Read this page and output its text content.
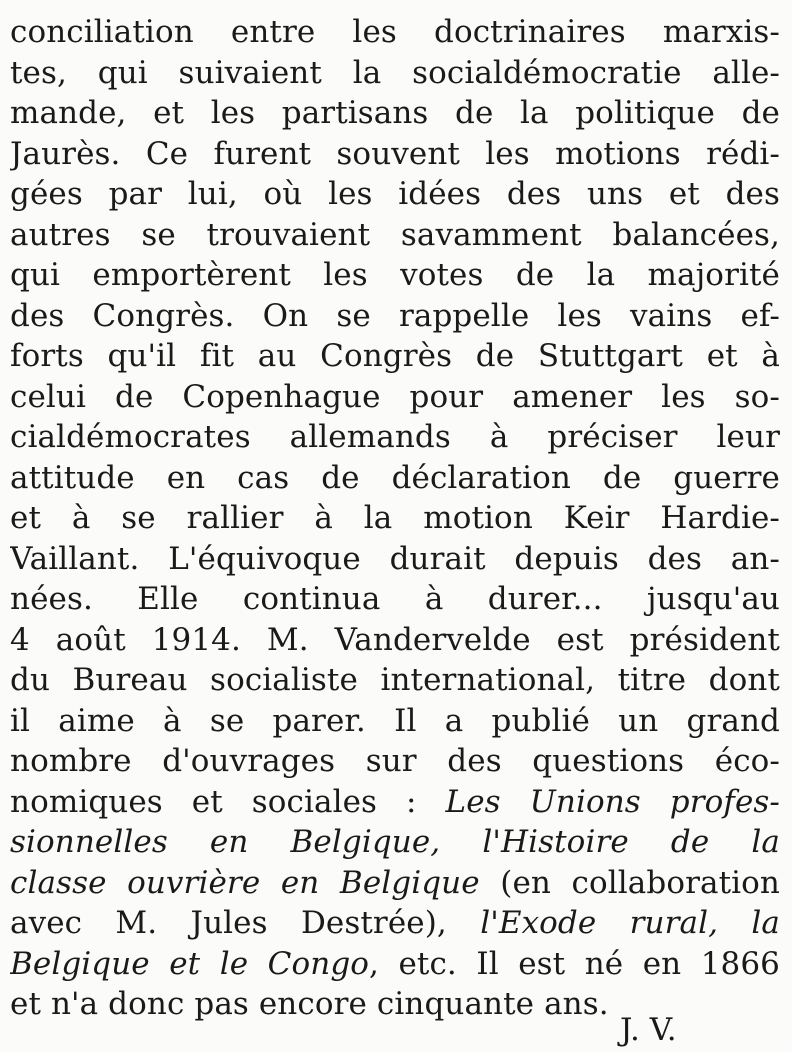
conciliation entre les doctrinaires marxis-
tes, qui suivaient la socialdémocratie alle-
mande, et les partisans de la politique de
Jaurès. Ce furent souvent les motions rédi-
gées par lui, où les idées des uns et des
autres se trouvaient savamment balancées,
qui emportèrent les votes de la majorité
des Congrès. On se rappelle les vains ef-
forts qu'il fit au Congrès de Stuttgart et à
celui de Copenhague pour amener les so-
cialdémocrates allemands à préciser leur
attitude en cas de déclaration de guerre
et à se rallier à la motion Keir Hardie-
Vaillant. L'équivoque durait depuis des an-
nées. Elle continua à durer... jusqu'au
4 août 1914. M. Vandervelde est président
du Bureau socialiste international, titre dont
il aime à se parer. Il a publié un grand
nombre d'ouvrages sur des questions éco-
nomiques et sociales : Les Unions profes-
sionnelles en Belgique, l'Histoire de la
classe ouvrière en Belgique (en collaboration
avec M. Jules Destrée), l'Exode rural, la
Belgique et le Congo, etc. Il est né en 1866
et n'a donc pas encore cinquante ans.
J. V.
